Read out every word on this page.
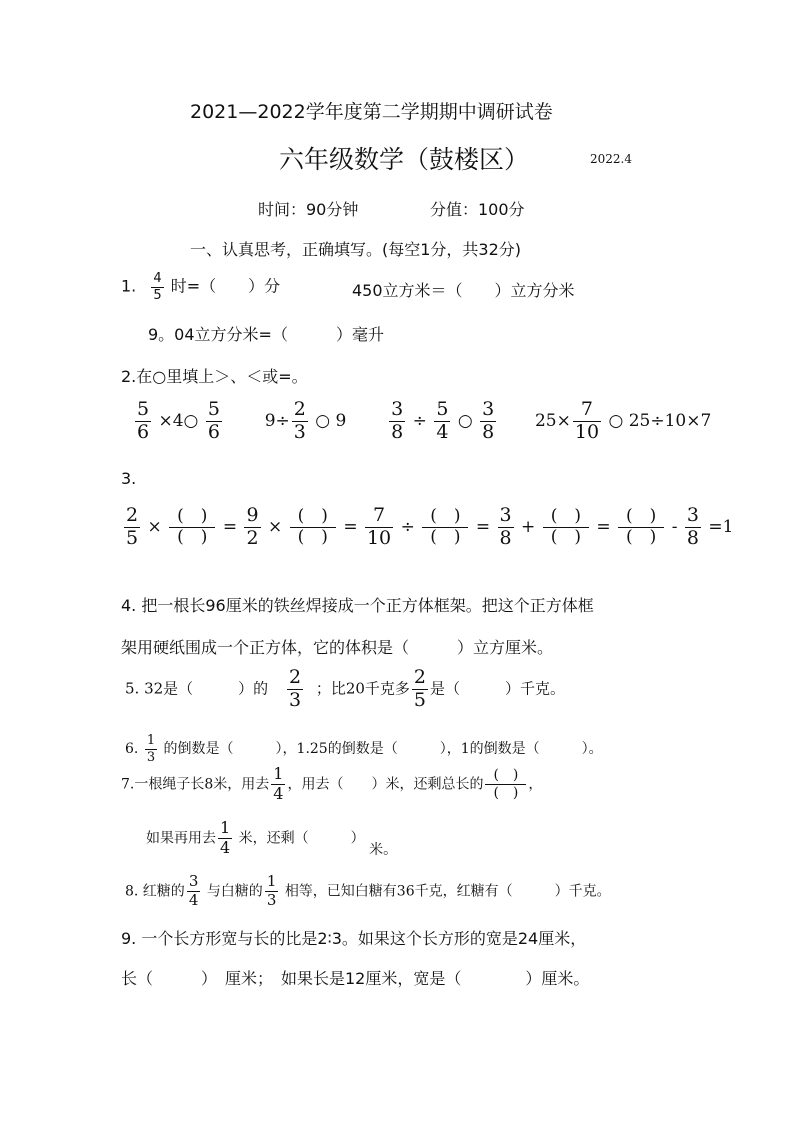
2021—2022学年度第二学期期中调研试卷
六年级数学（鼓楼区）	2022.4
时间：90分钟	分值：100分
一、认真思考，正确填写。(每空1分，共32分)
1. $\frac{4}{5}$ 时=（　　）分	450立方米＝（　　）立方分米
9。04立方分米=（　　　）毫升
2.在○里填上＞、＜或=。
$\frac{5}{6}$ ×4○ $\frac{5}{6}$	$9\div \frac{2}{3}$ ○ $9 \frac{3}{8} \div \frac{5}{4}$ ○ $\frac{3}{8} 25\times \frac{7}{10}$ ○ 25÷10×7
3.
$\frac{2}{5} \times \frac{( )}{( )} = \frac{9}{2} \times \frac{( )}{( )} = \frac{7}{10} \div \frac{( )}{( )} = \frac{3}{8} + \frac{( )}{( )} = \frac{( )}{( )} - \frac{3}{8} =1$
4. 把一根长96厘米的铁丝焊接成一个正方体框架。把这个正方体框
架用硬纸围成一个正方体，它的体积是（　　　）立方厘米。
5. 32是（　　　）的 $\frac{2}{3}$ ；比20千克多 $\frac{2}{5}$ 是（　　　）千克。
6. $\frac{1}{3}$ 的倒数是（　　　），1.25的倒数是（　　　），1的倒数是（　　　）。
7.一根绳子长8米，用去 $\frac{1}{4}$ ，用去（　　）米，还剩总长的 $\frac{( )}{( )}$ ，
如果再用去 $\frac{1}{4}$ 米，还剩（　　　） 米。
8. 红糖的 $\frac{3}{4}$ 与白糖的 $\frac{1}{3}$ 相等，已知白糖有36千克，红糖有（　　　）千克。
9. 一个长方形宽与长的比是2∶3。如果这个长方形的宽是24厘米，
长（　　　）　厘米；　如果长是12厘米，宽是（　　　　）厘米。
